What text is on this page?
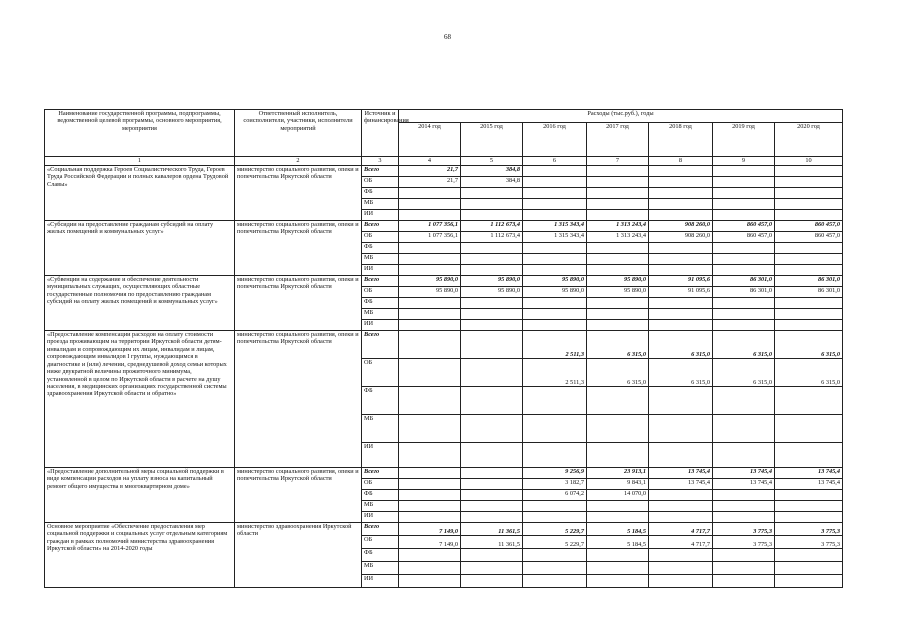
68
Наименование государственной программы, подпрограммы, ведомственной целевой программы, основного мероприятия, мероприятия	Ответственный исполнитель, соисполнители, участники, исполнители мероприятий	Источник и финансирования	Расходы (тыс.руб.), годы						
			2014 год	2015 год	2016 год	2017 год	2018 год	2019 год	2020 год
1	2	3	4	5	6	7	8	9	10
«Социальная поддержка Героев Социалистического Труда, Героев Труда Российской Федерации и полных кавалеров ордена Трудовой Славы»	министерство социального развития, опеки и попечительства Иркутской области	Всего	21,7	384,8					
		ОБ	21,7	384,8					
		ФБ							
		МБ							
		ИИ							
«Субсидии на предоставление гражданам субсидий на оплату жилых помещений и коммунальных услуг»	министерство социального развития, опеки и попечительства Иркутской области	Всего	1 077 356,1	1 112 673,4	1 315 343,4	1 313 243,4	908 260,0	860 457,0	860 457,0
		ОБ	1 077 356,1	1 112 673,4	1 315 343,4	1 313 243,4	908 260,0	860 457,0	860 457,0
		ФБ							
		МБ							
		ИИ							
«Субвенции на содержание и обеспечение деятельности муниципальных служащих, осуществляющих областные государственные полномочия по предоставлению гражданам субсидий на оплату жилых помещений и коммунальных услуг»	министерство социального развития, опеки и попечительства Иркутской области	Всего	95 890,0	95 890,0	95 890,0	95 890,0	91 095,6	86 301,0	86 301,0
		ОБ	95 890,0	95 890,0	95 890,0	95 890,0	91 095,6	86 301,0	86 301,0
		ФБ							
		МБ							
		ИИ							
«Предоставление компенсации расходов на оплату стоимости проезда проживающим на территории Иркутской области детям-инвалидам и сопровождающим их лицам, инвалидам и лицам, сопровождающим инвалидов I группы, нуждающимся в диагностике и (или) лечении, среднедушевой доход семьи которых ниже двукратной величины прожиточного минимума, установленной в целом по Иркутской области в расчете на душу населения, в медицинских организациях государственной системы здравоохранения Иркутской области и обратно»	министерство социального развития, опеки и попечительства Иркутской области	Всего			2 511,3	6 315,0	6 315,0	6 315,0	6 315,0
		ОБ			2 511,3	6 315,0	6 315,0	6 315,0	6 315,0
		ФБ							
		МБ							
		ИИ							
«Предоставление дополнительной меры социальной поддержки в виде компенсации расходов на уплату взноса на капитальный ремонт общего имущества в многоквартирном доме»	министерство социального развития, опеки и попечительства Иркутской области	Всего			9 256,9	23 913,1	13 745,4	13 745,4	13 745,4
		ОБ			3 182,7	9 843,1	13 745,4	13 745,4	13 745,4
		ФБ			6 074,2	14 070,0			
		МБ							
		ИИ							
Основное мероприятие «Обеспечение предоставления мер социальной поддержки и социальных услуг отдельным категориям граждан в рамках полномочий министерства здравоохранения Иркутской области» на 2014-2020 годы	министерство здравоохранения Иркутской области	Всего	7 149,0	11 361,5	5 229,7	5 184,5	4 717,7	3 775,3	3 775,3
		ОБ	7 149,0	11 361,5	5 229,7	5 184,5	4 717,7	3 775,3	3 775,3
		ФБ							
		МБ							
		ИИ							
